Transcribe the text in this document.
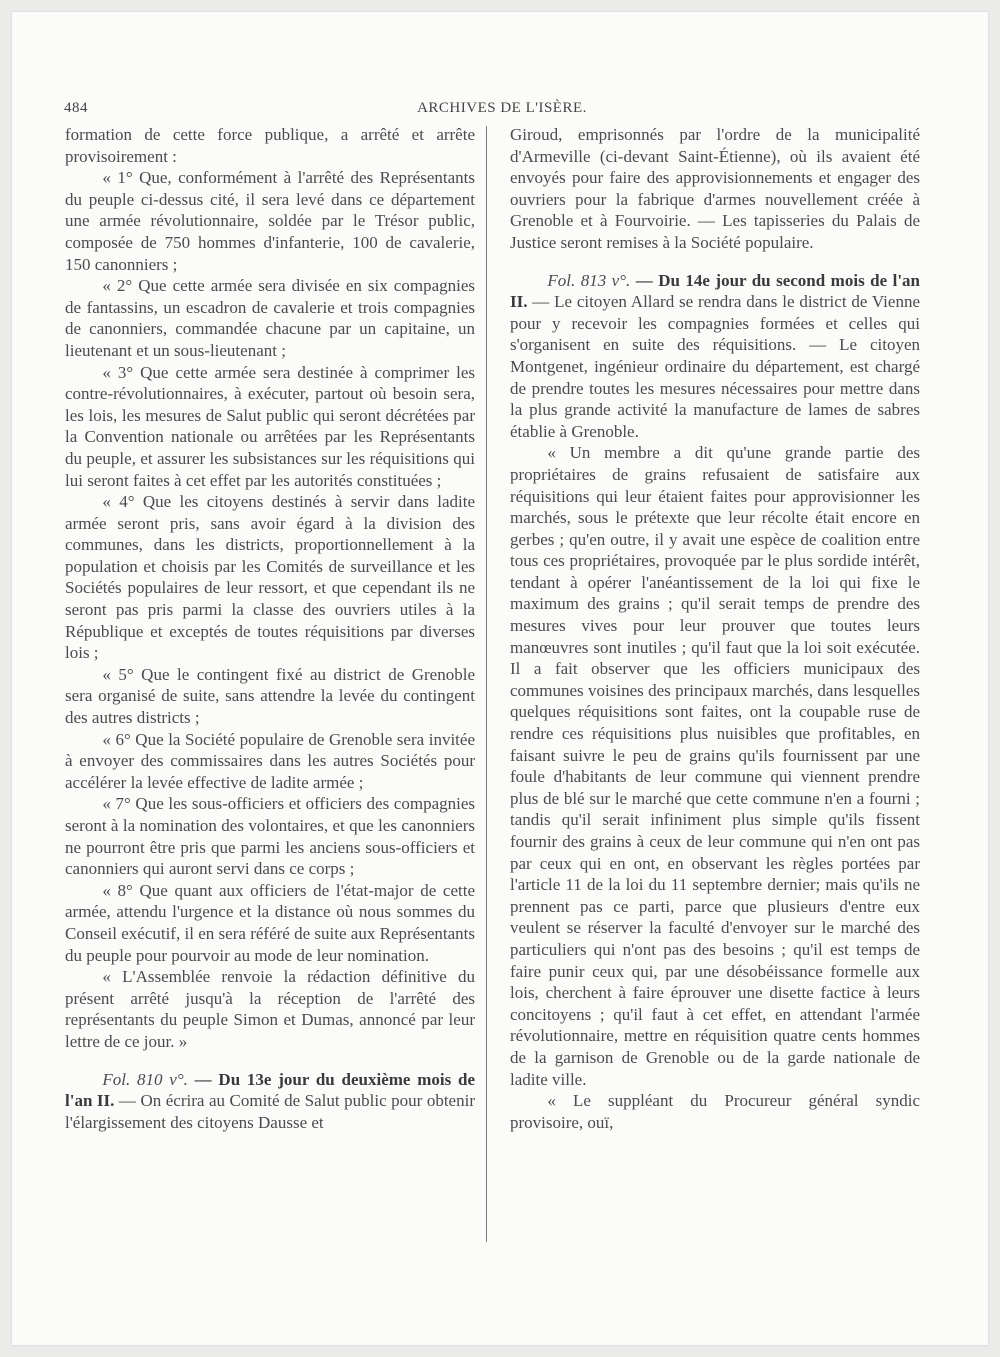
484	ARCHIVES DE L'ISÈRE.

formation de cette force publique, a arrêté et arrête provisoirement :

« 1° Que, conformément à l'arrêté des Représentants du peuple ci-dessus cité, il sera levé dans ce département une armée révolutionnaire, soldée par le Trésor public, composée de 750 hommes d'infanterie, 100 de cavalerie, 150 canonniers ;

« 2° Que cette armée sera divisée en six compagnies de fantassins, un escadron de cavalerie et trois compagnies de canonniers, commandée chacune par un capitaine, un lieutenant et un sous-lieutenant ;

« 3° Que cette armée sera destinée à comprimer les contre-révolutionnaires, à exécuter, partout où besoin sera, les lois, les mesures de Salut public qui seront décrétées par la Convention nationale ou arrêtées par les Représentants du peuple, et assurer les subsistances sur les réquisitions qui lui seront faites à cet effet par les autorités constituées ;

« 4° Que les citoyens destinés à servir dans ladite armée seront pris, sans avoir égard à la division des communes, dans les districts, proportionnellement à la population et choisis par les Comités de surveillance et les Sociétés populaires de leur ressort, et que cependant ils ne seront pas pris parmi la classe des ouvriers utiles à la République et exceptés de toutes réquisitions par diverses lois ;

« 5° Que le contingent fixé au district de Grenoble sera organisé de suite, sans attendre la levée du contingent des autres districts ;

« 6° Que la Société populaire de Grenoble sera invitée à envoyer des commissaires dans les autres Sociétés pour accélérer la levée effective de ladite armée ;

« 7° Que les sous-officiers et officiers des compagnies seront à la nomination des volontaires, et que les canonniers ne pourront être pris que parmi les anciens sous-officiers et canonniers qui auront servi dans ce corps ;

« 8° Que quant aux officiers de l'état-major de cette armée, attendu l'urgence et la distance où nous sommes du Conseil exécutif, il en sera référé de suite aux Représentants du peuple pour pourvoir au mode de leur nomination.

« L'Assemblée renvoie la rédaction définitive du présent arrêté jusqu'à la réception de l'arrêté des représentants du peuple Simon et Dumas, annoncé par leur lettre de ce jour. »

Fol. 810 v°. — Du 13e jour du deuxième mois de l'an II. — On écrira au Comité de Salut public pour obtenir l'élargissement des citoyens Dausse et

Giroud, emprisonnés par l'ordre de la municipalité d'Armeville (ci-devant Saint-Étienne), où ils avaient été envoyés pour faire des approvisionnements et engager des ouvriers pour la fabrique d'armes nouvellement créée à Grenoble et à Fourvoirie. — Les tapisseries du Palais de Justice seront remises à la Société populaire.

Fol. 813 v°. — Du 14e jour du second mois de l'an II. — Le citoyen Allard se rendra dans le district de Vienne pour y recevoir les compagnies formées et celles qui s'organisent en suite des réquisitions. — Le citoyen Montgenet, ingénieur ordinaire du département, est chargé de prendre toutes les mesures nécessaires pour mettre dans la plus grande activité la manufacture de lames de sabres établie à Grenoble.

« Un membre a dit qu'une grande partie des propriétaires de grains refusaient de satisfaire aux réquisitions qui leur étaient faites pour approvisionner les marchés, sous le prétexte que leur récolte était encore en gerbes ; qu'en outre, il y avait une espèce de coalition entre tous ces propriétaires, provoquée par le plus sordide intérêt, tendant à opérer l'anéantissement de la loi qui fixe le maximum des grains ; qu'il serait temps de prendre des mesures vives pour leur prouver que toutes leurs manœuvres sont inutiles ; qu'il faut que la loi soit exécutée. Il a fait observer que les officiers municipaux des communes voisines des principaux marchés, dans lesquelles quelques réquisitions sont faites, ont la coupable ruse de rendre ces réquisitions plus nuisibles que profitables, en faisant suivre le peu de grains qu'ils fournissent par une foule d'habitants de leur commune qui viennent prendre plus de blé sur le marché que cette commune n'en a fourni ; tandis qu'il serait infiniment plus simple qu'ils fissent fournir des grains à ceux de leur commune qui n'en ont pas par ceux qui en ont, en observant les règles portées par l'article 11 de la loi du 11 septembre dernier; mais qu'ils ne prennent pas ce parti, parce que plusieurs d'entre eux veulent se réserver la faculté d'envoyer sur le marché des particuliers qui n'ont pas des besoins ; qu'il est temps de faire punir ceux qui, par une désobéissance formelle aux lois, cherchent à faire éprouver une disette factice à leurs concitoyens ; qu'il faut à cet effet, en attendant l'armée révolutionnaire, mettre en réquisition quatre cents hommes de la garnison de Grenoble ou de la garde nationale de ladite ville.

« Le suppléant du Procureur général syndic provisoire, ouï,
